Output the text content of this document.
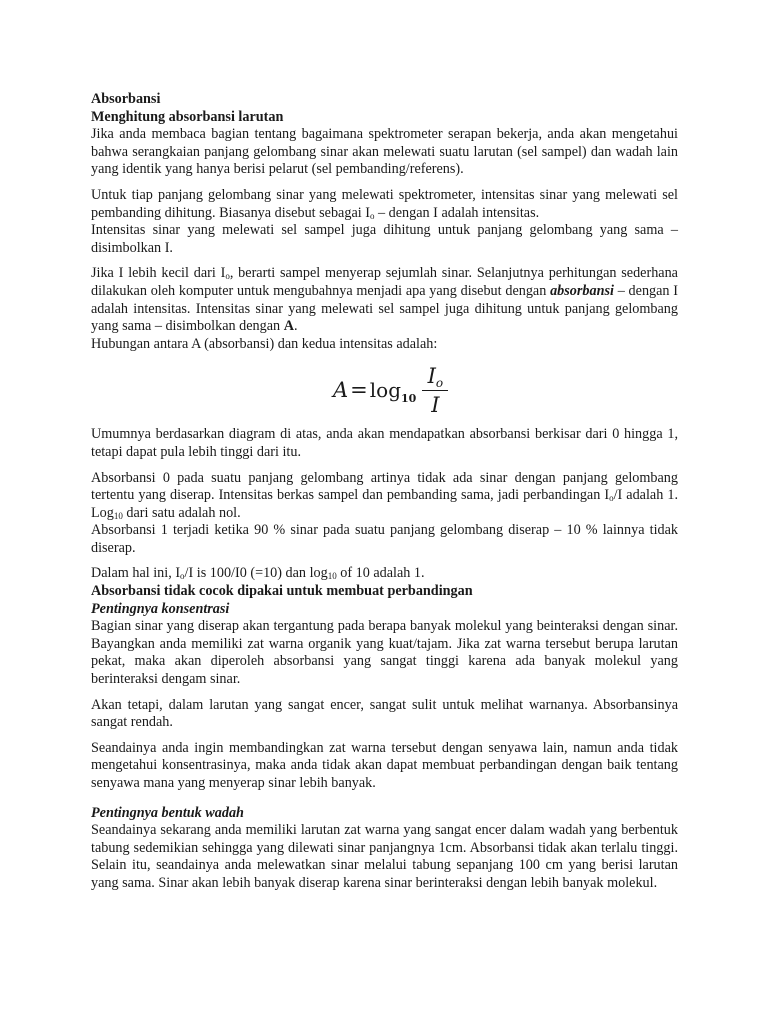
Absorbansi

Menghitung absorbansi larutan

Jika anda membaca bagian tentang bagaimana spektrometer serapan bekerja, anda akan mengetahui bahwa serangkaian panjang gelombang sinar akan melewati suatu larutan (sel sampel) dan wadah lain yang identik yang hanya berisi pelarut (sel pembanding/referens).

Untuk tiap panjang gelombang sinar yang melewati spektrometer, intensitas sinar yang melewati sel pembanding dihitung. Biasanya disebut sebagai $I_o$ – dengan I adalah intensitas.

Intensitas sinar yang melewati sel sampel juga dihitung untuk panjang gelombang yang sama – disimbolkan I.

Jika I lebih kecil dari $I_o$, berarti sampel menyerap sejumlah sinar. Selanjutnya perhitungan sederhana dilakukan oleh komputer untuk mengubahnya menjadi apa yang disebut dengan absorbansi – dengan I adalah intensitas. Intensitas sinar yang melewati sel sampel juga dihitung untuk panjang gelombang yang sama – disimbolkan dengan A.

Hubungan antara A (absorbansi) dan kedua intensitas adalah:

$A = \log 10 \frac{I_o}{I}$

Umumnya berdasarkan diagram di atas, anda akan mendapatkan absorbansi berkisar dari 0 hingga 1, tetapi dapat pula lebih tinggi dari itu.

Absorbansi 0 pada suatu panjang gelombang artinya tidak ada sinar dengan panjang gelombang tertentu yang diserap. Intensitas berkas sampel dan pembanding sama, jadi perbandingan $I_o/I$ adalah 1. Log$_{10}$ dari satu adalah nol.

Absorbansi 1 terjadi ketika 90 % sinar pada suatu panjang gelombang diserap – 10 % lainnya tidak diserap.

Dalam hal ini, $I_o/I$ is 100/I0 (=10) dan $\log_{10}$ of 10 adalah 1.

Absorbansi tidak cocok dipakai untuk membuat perbandingan

Pentingnya konsentrasi

Bagian sinar yang diserap akan tergantung pada berapa banyak molekul yang beinteraksi dengan sinar. Bayangkan anda memiliki zat warna organik yang kuat/tajam. Jika zat warna tersebut berupa larutan pekat, maka akan diperoleh absorbansi yang sangat tinggi karena ada banyak molekul yang berinteraksi dengam sinar.

Akan tetapi, dalam larutan yang sangat encer, sangat sulit untuk melihat warnanya. Absorbansinya sangat rendah.

Seandainya anda ingin membandingkan zat warna tersebut dengan senyawa lain, namun anda tidak mengetahui konsentrasinya, maka anda tidak akan dapat membuat perbandingan dengan baik tentang senyawa mana yang menyerap sinar lebih banyak.

Pentingnya bentuk wadah

Seandainya sekarang anda memiliki larutan zat warna yang sangat encer dalam wadah yang berbentuk tabung sedemikian sehingga yang dilewati sinar panjangnya 1cm. Absorbansi tidak akan terlalu tinggi. Selain itu, seandainya anda melewatkan sinar melalui tabung sepanjang 100 cm yang berisi larutan yang sama. Sinar akan lebih banyak diserap karena sinar berinteraksi dengan lebih banyak molekul.
